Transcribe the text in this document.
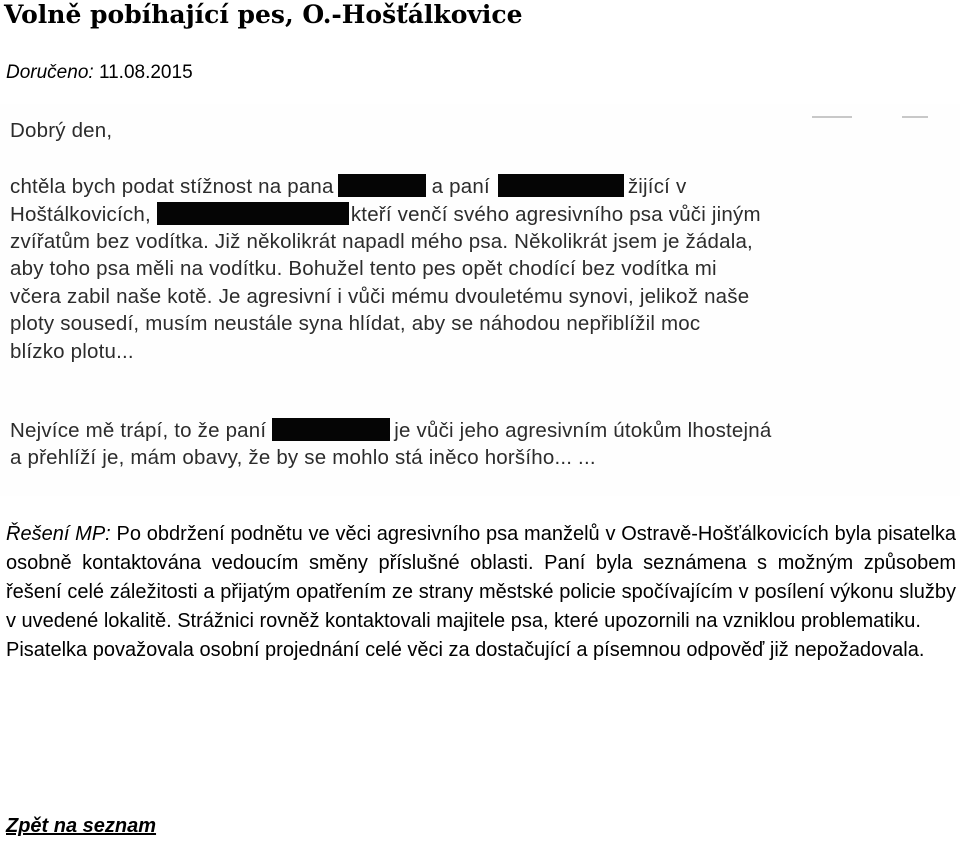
Volně pobíhající pes, O.-Hošťálkovice
Doručeno: 11.08.2015
Dobrý den,
chtěla bych podat stížnost na pana	a paní	žijící v
Hoštálkovicích,	kteří venčí svého agresivního psa vůči jiným
zvířatům bez vodítka. Již několikrát napadl mého psa. Několikrát jsem je žádala,
aby toho psa měli na vodítku. Bohužel tento pes opět chodící bez vodítka mi
včera zabil naše kotě. Je agresivní i vůči mému dvouletému synovi, jelikož naše
ploty sousedí, musím neustále syna hlídat, aby se náhodou nepřiblížil moc
blízko plotu...
Nejvíce mě trápí, to že paní	je vůči jeho agresivním útokům lhostejná
a přehlíží je, mám obavy, že by se mohlo stá iněco horšího... ...

Řešení MP: Po obdržení podnětu ve věci agresivního psa manželů v Ostravě-Hošťálkovicích byla pisatelka osobně kontaktována vedoucím směny příslušné oblasti. Paní byla seznámena s možným způsobem řešení celé záležitosti a přijatým opatřením ze strany městské policie spočívajícím v posílení výkonu služby v uvedené lokalitě. Strážnici rovněž kontaktovali majitele psa, které upozornili na vzniklou problematiku.

Pisatelka považovala osobní projednání celé věci za dostačující a písemnou odpověď již nepožadovala.

Zpět na seznam
